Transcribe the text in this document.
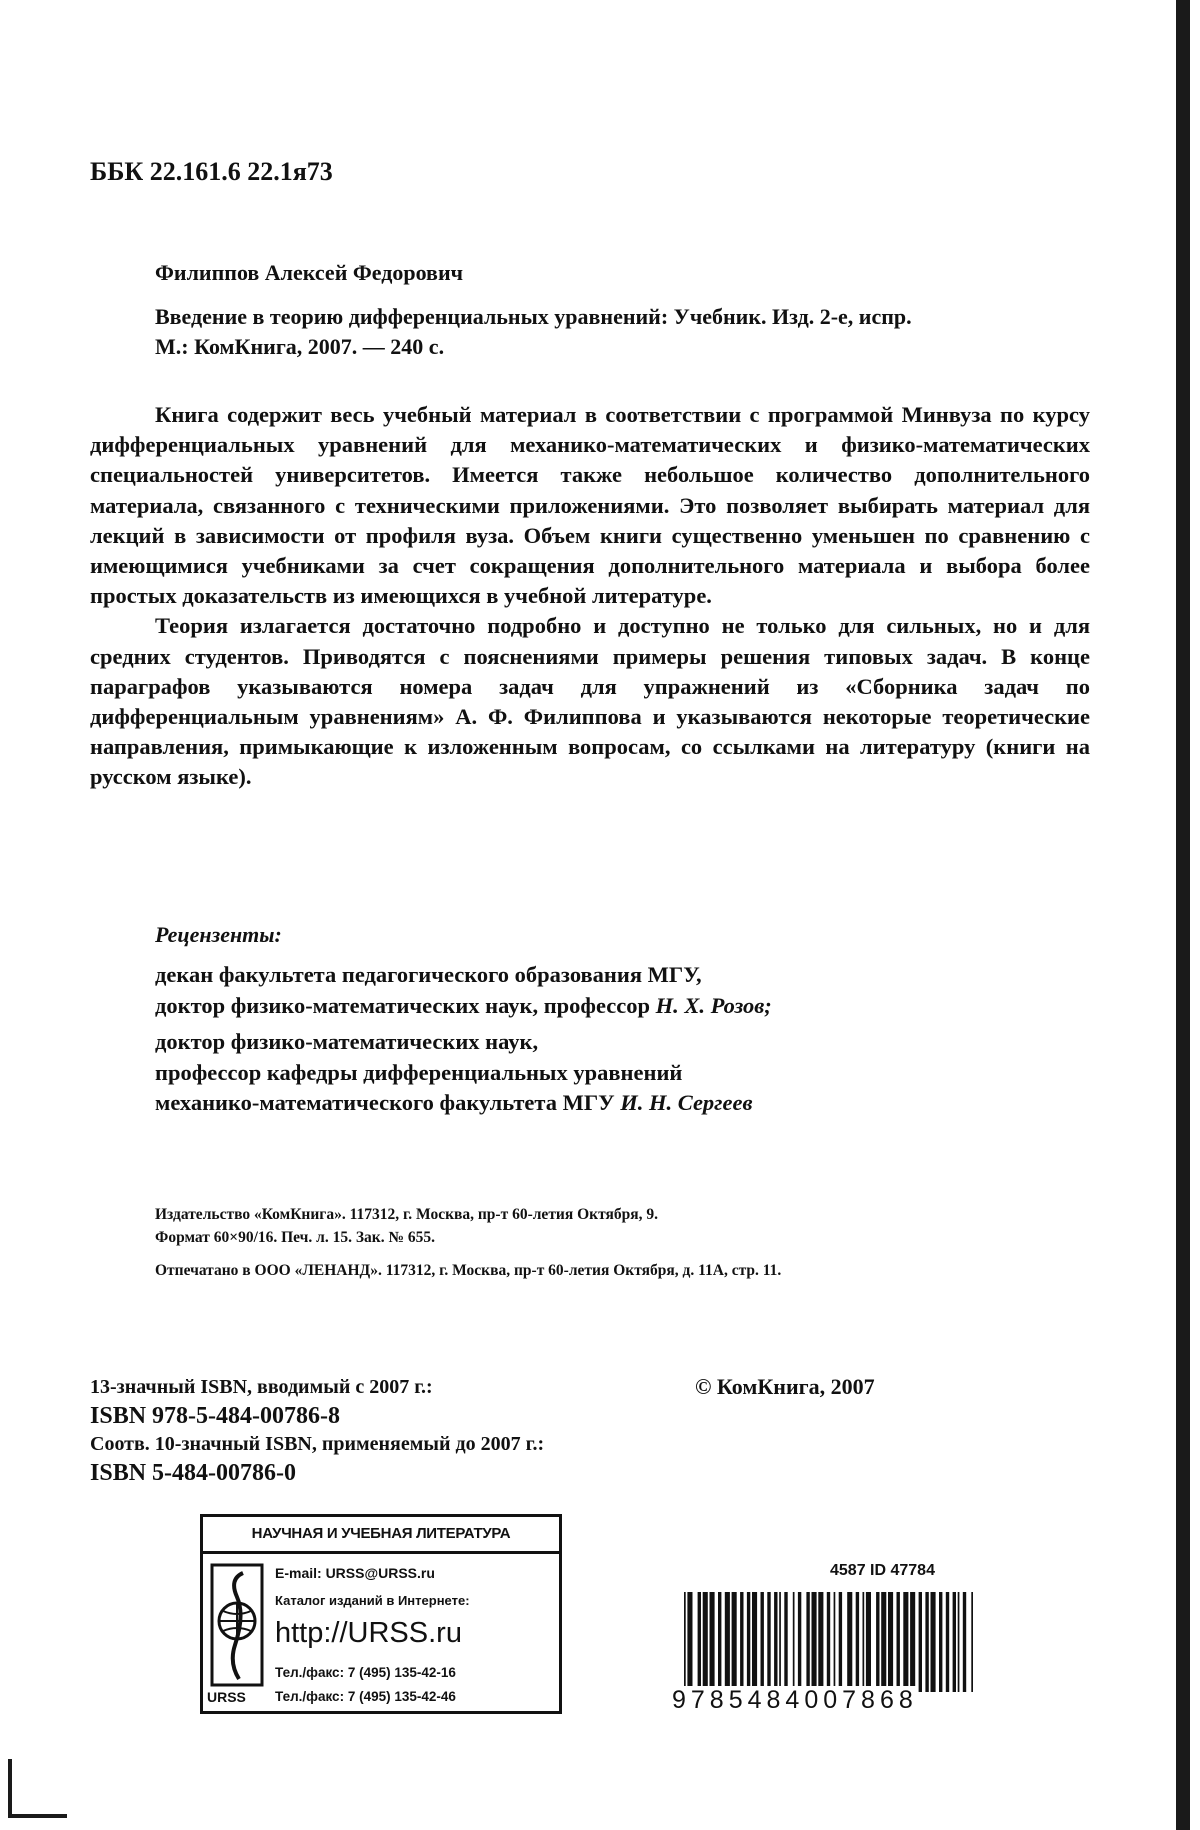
ББК 22.161.6 22.1я73
Филиппов Алексей Федорович
Введение в теорию дифференциальных уравнений: Учебник. Изд. 2-е, испр.
М.: КомКнига, 2007. — 240 с.

Книга содержит весь учебный материал в соответствии с программой Минвуза по курсу дифференциальных уравнений для механико-математических и физико-математических специальностей университетов. Имеется также небольшое количество дополнительного материала, связанного с техническими приложениями. Это позволяет выбирать материал для лекций в зависимости от профиля вуза. Объем книги существенно уменьшен по сравнению с имеющимися учебниками за счет сокращения дополнительного материала и выбора более простых доказательств из имеющихся в учебной литературе.

Теория излагается достаточно подробно и доступно не только для сильных, но и для средних студентов. Приводятся с пояснениями примеры решения типовых задач. В конце параграфов указываются номера задач для упражнений из «Сборника задач по дифференциальным уравнениям» А. Ф. Филиппова и указываются некоторые теоретические направления, примыкающие к изложенным вопросам, со ссылками на литературу (книги на русском языке).

Рецензенты:
декан факультета педагогического образования МГУ,
доктор физико-математических наук, профессор Н. Х. Розов;
доктор физико-математических наук,
профессор кафедры дифференциальных уравнений
механико-математического факультета МГУ И. Н. Сергеев
Издательство «КомКнига». 117312, г. Москва, пр-т 60-летия Октября, 9.
Формат 60×90/16. Печ. л. 15. Зак. № 655.
Отпечатано в ООО «ЛЕНАНД». 117312, г. Москва, пр-т 60-летия Октября, д. 11А, стр. 11.
13-значный ISBN, вводимый с 2007 г.:
ISBN 978-5-484-00786-8
Соотв. 10-значный ISBN, применяемый до 2007 г.:
ISBN 5-484-00786-0
© КомКнига, 2007
НАУЧНАЯ И УЧЕБНАЯ ЛИТЕРАТУРА
URSS
E-mail: URSS@URSS.ru
Каталог изданий в Интернете:
http://URSS.ru
Тел./факс: 7 (495) 135-42-16
Тел./факс: 7 (495) 135-42-46
4587 ID 47784
9785484007868
